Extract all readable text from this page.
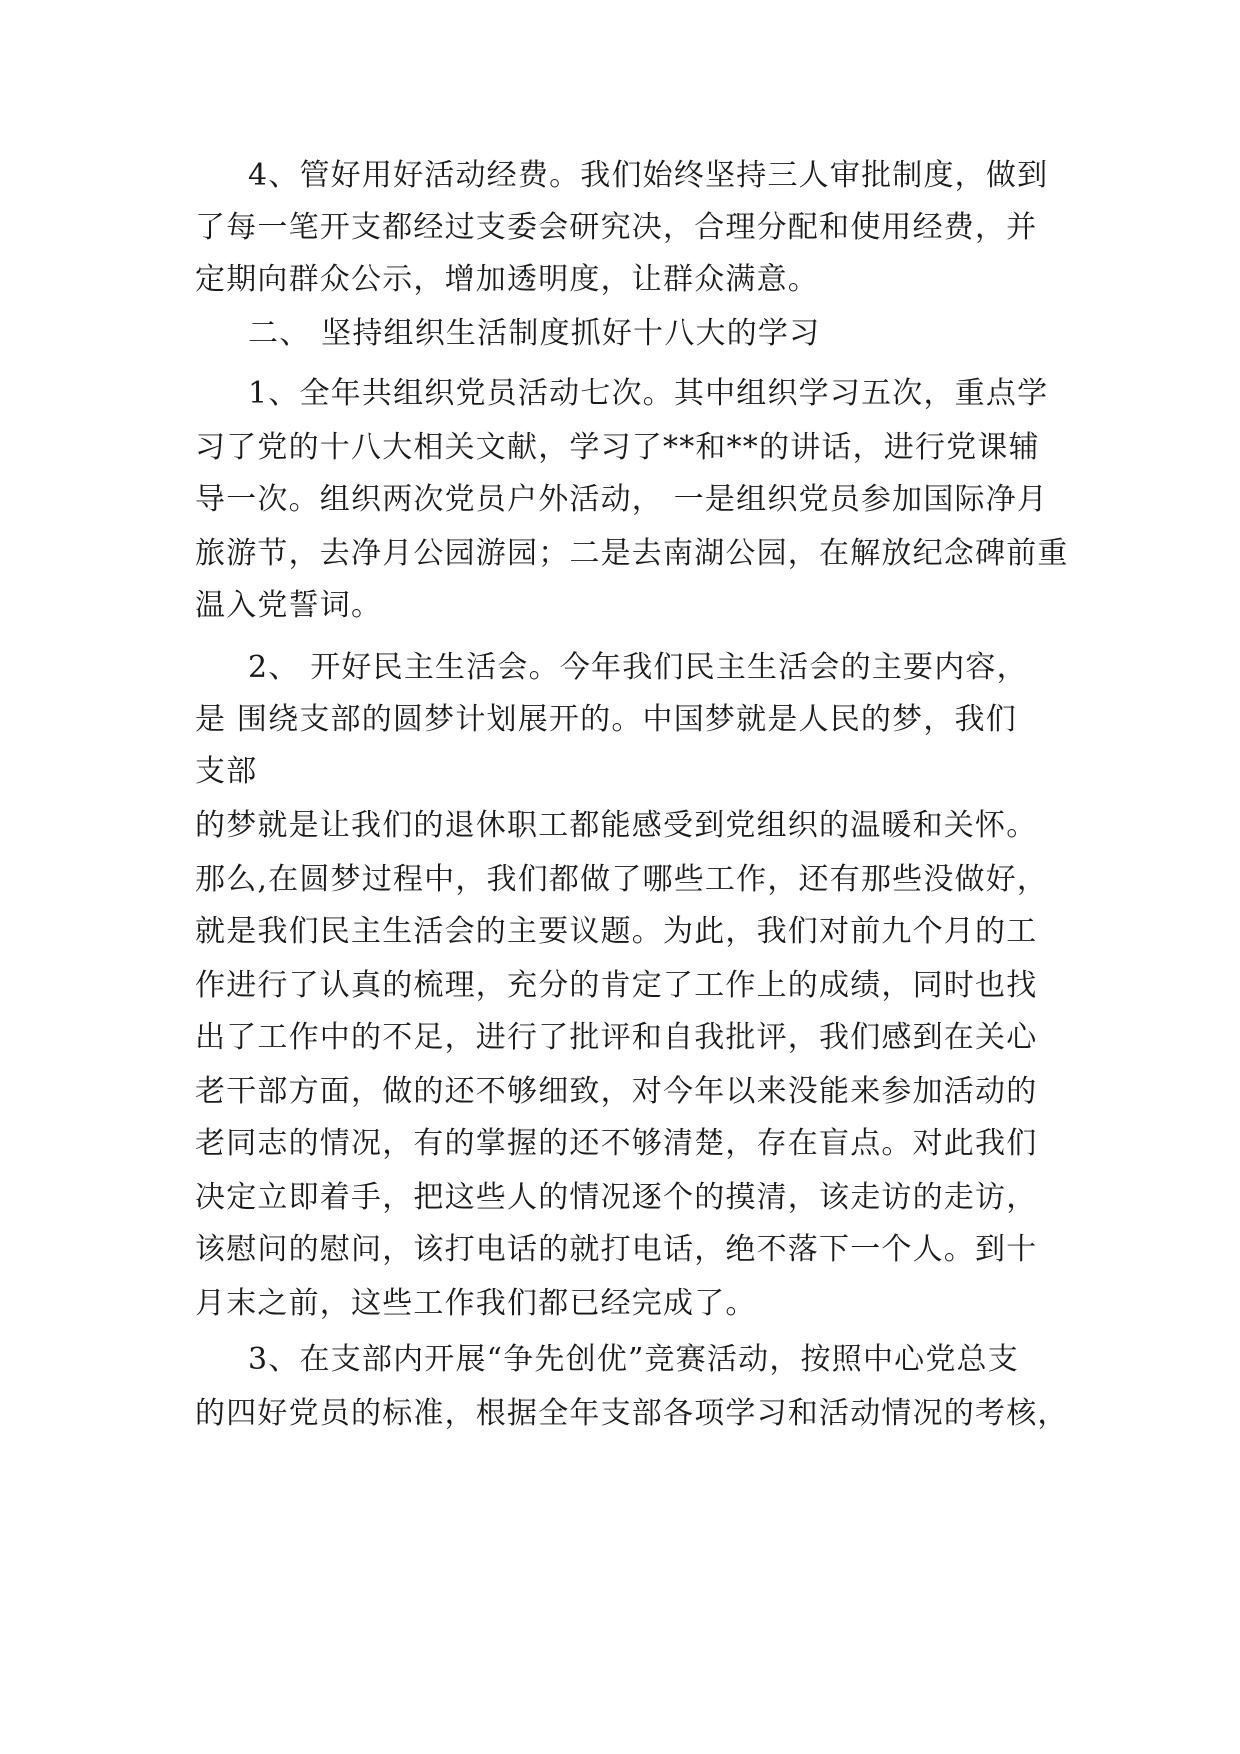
4、管好用好活动经费。我们始终坚持三人审批制度，做到
了每一笔开支都经过支委会研究决，合理分配和使用经费，并
定期向群众公示，增加透明度，让群众满意。
二、 坚持组织生活制度抓好十八大的学习
1、全年共组织党员活动七次。其中组织学习五次，重点学
习了党的十八大相关文献，学习了**和**的讲话，进行党课辅
导一次。组织两次党员户外活动， 一是组织党员参加国际净月
旅游节，去净月公园游园；二是去南湖公园，在解放纪念碑前重
温入党誓词。
2、 开好民主生活会。今年我们民主生活会的主要内容，
是 围绕支部的圆梦计划展开的。中国梦就是人民的梦，我们
支部
的梦就是让我们的退休职工都能感受到党组织的温暖和关怀。
那么,在圆梦过程中，我们都做了哪些工作，还有那些没做好，
就是我们民主生活会的主要议题。为此，我们对前九个月的工
作进行了认真的梳理，充分的肯定了工作上的成绩，同时也找
出了工作中的不足，进行了批评和自我批评，我们感到在关心
老干部方面，做的还不够细致，对今年以来没能来参加活动的
老同志的情况，有的掌握的还不够清楚，存在盲点。对此我们
决定立即着手，把这些人的情况逐个的摸清，该走访的走访，
该慰问的慰问，该打电话的就打电话，绝不落下一个人。到十
月末之前，这些工作我们都已经完成了。
3、在支部内开展“争先创优”竞赛活动，按照中心党总支
的四好党员的标准，根据全年支部各项学习和活动情况的考核，
